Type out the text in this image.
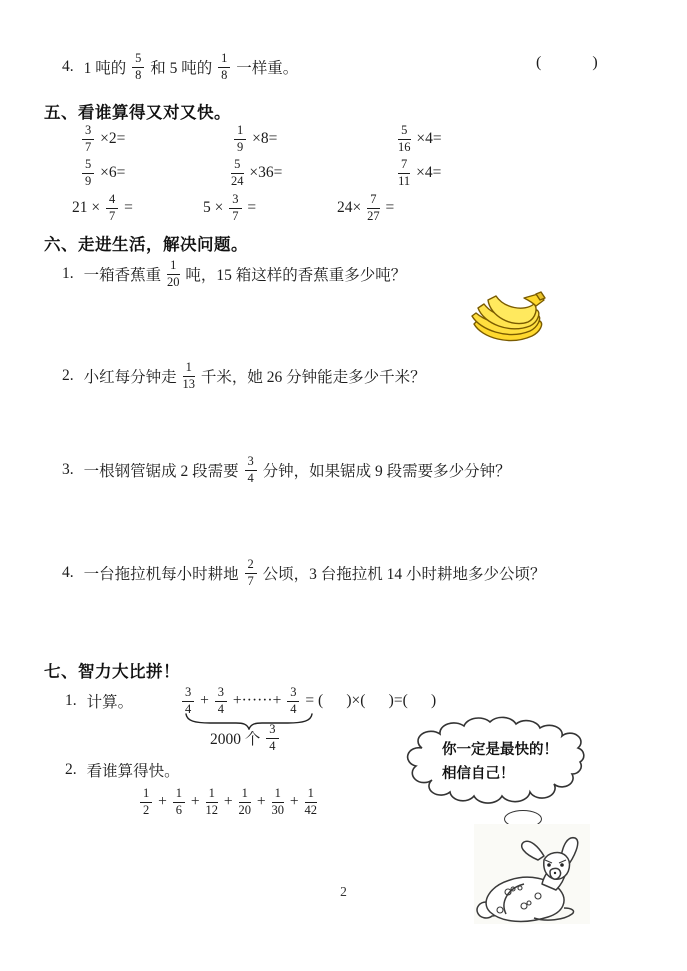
4. 1 吨的 $\frac{5}{8}$ 和 5 吨的 $\frac{1}{8}$ 一样重。	(          )
五、看谁算得又对又快。
$\frac{3}{7} \times 2=$	$\frac{1}{9} \times 8=$	$\frac{5}{16} \times 4=$
$\frac{5}{9} \times 6=$	$\frac{5}{24} \times 36=$	$\frac{7}{11} \times 4=$
$21 \times \frac{4}{7}$ =	$5 \times \frac{3}{7}$ =	$24\times \frac{7}{27}$ =
六、走进生活，解决问题。
1. 一箱香蕉重 $\frac{1}{20}$ 吨，15 箱这样的香蕉重多少吨？
2. 小红每分钟走 $\frac{1}{13}$ 千米，她 26 分钟能走多少千米？
3. 一根钢管锯成 2 段需要 $\frac{3}{4}$ 分钟，如果锯成 9 段需要多少分钟？
4. 一台拖拉机每小时耕地 $\frac{2}{7}$ 公顷，3 台拖拉机 14 小时耕地多少公顷？
七、智力大比拼！
1. 计算。	$\frac{3}{4} + \frac{3}{4}$ +······+ $\frac{3}{4}$ = (      )×(      )=(      )
2000 个 $\frac{3}{4}$
2. 看谁算得快。
$\frac{1}{2} + \frac{1}{6} + \frac{1}{12} + \frac{1}{20} + \frac{1}{30} + \frac{1}{42}$
你一定是最快的！
相信自己！
2
